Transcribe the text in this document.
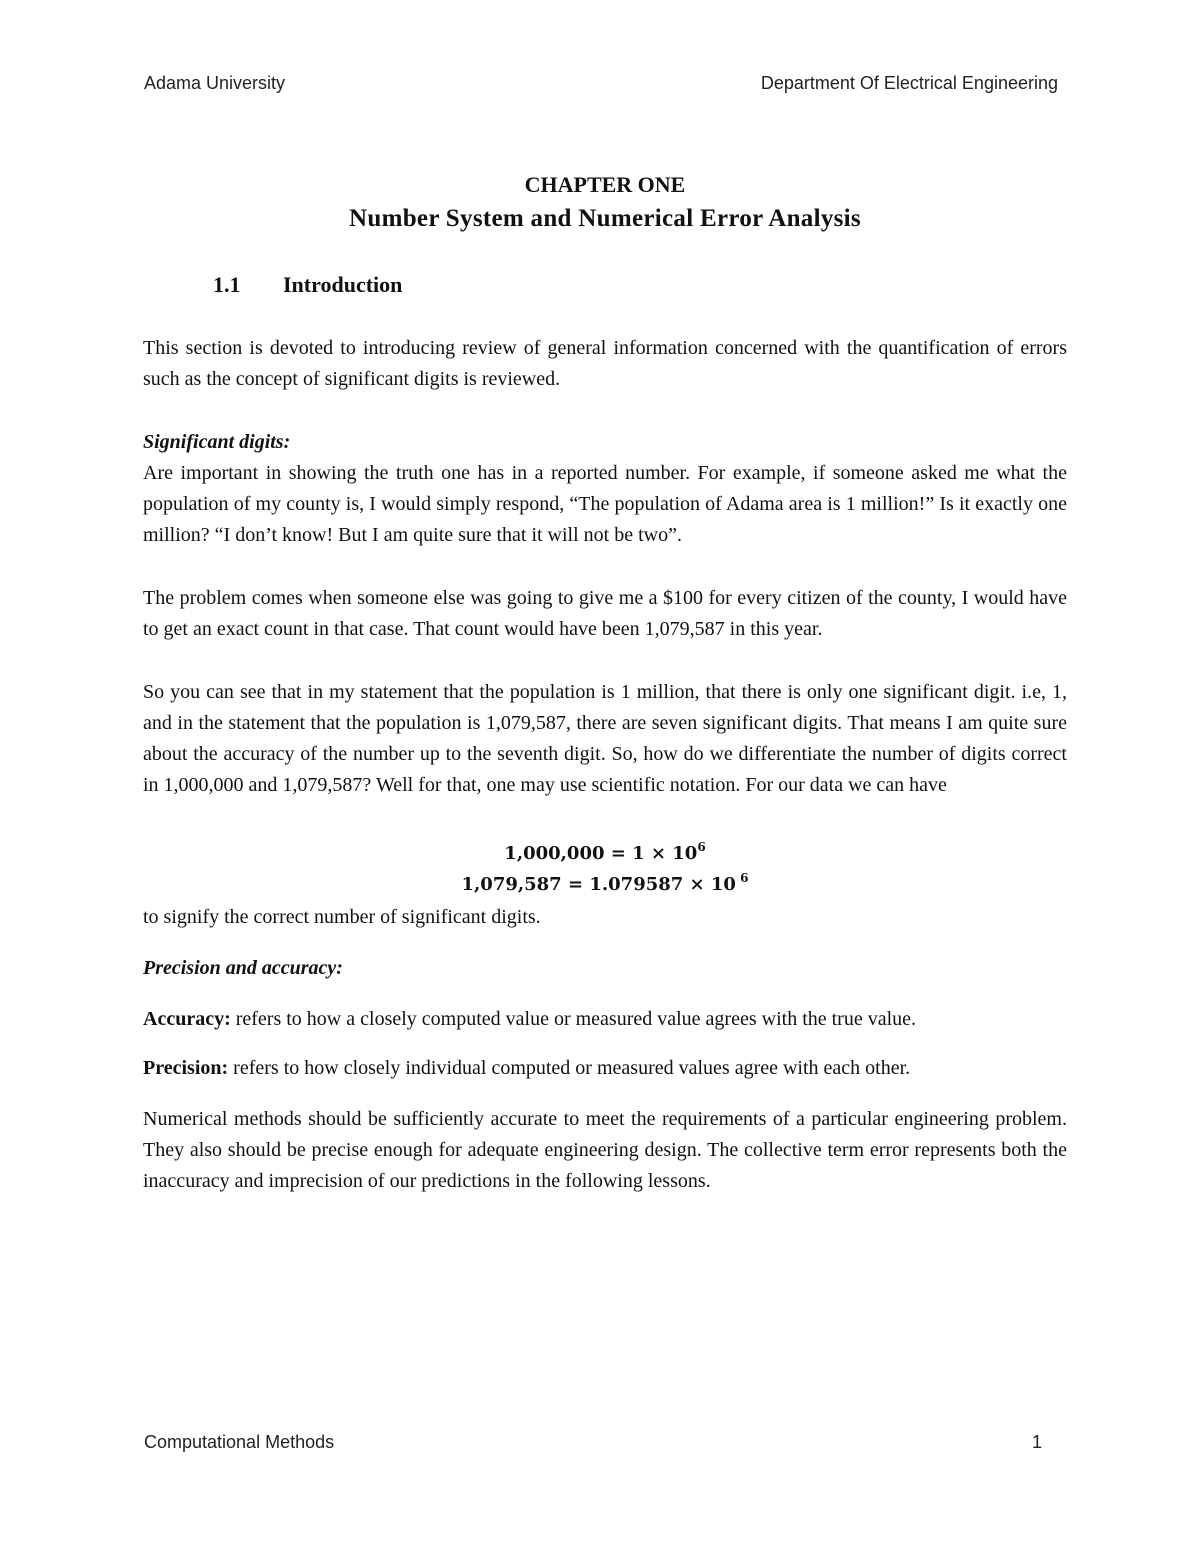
Adama University	Department Of Electrical Engineering
CHAPTER ONE
Number System and Numerical Error Analysis
1.1 Introduction
This section is devoted to introducing review of general information concerned with the quantification of errors such as the concept of significant digits is reviewed.
Significant digits:
Are important in showing the truth one has in a reported number. For example, if someone asked me what the population of my county is, I would simply respond, “The population of Adama area is 1 million!” Is it exactly one million? “I don’t know! But I am quite sure that it will not be two”.
The problem comes when someone else was going to give me a $100 for every citizen of the county, I would have to get an exact count in that case. That count would have been 1,079,587 in this year.
So you can see that in my statement that the population is 1 million, that there is only one significant digit. i.e, 1, and in the statement that the population is 1,079,587, there are seven significant digits. That means I am quite sure about the accuracy of the number up to the seventh digit. So, how do we differentiate the number of digits correct in 1,000,000 and 1,079,587? Well for that, one may use scientific notation. For our data we can have
$1,000,000 = 1 \times 10^6$
1,079,587 = 1.079587 × 10 $^6$
to signify the correct number of significant digits.
Precision and accuracy:
Accuracy: refers to how a closely computed value or measured value agrees with the true value.
Precision: refers to how closely individual computed or measured values agree with each other.
Numerical methods should be sufficiently accurate to meet the requirements of a particular engineering problem. They also should be precise enough for adequate engineering design. The collective term error represents both the inaccuracy and imprecision of our predictions in the following lessons.
Computational Methods	1
